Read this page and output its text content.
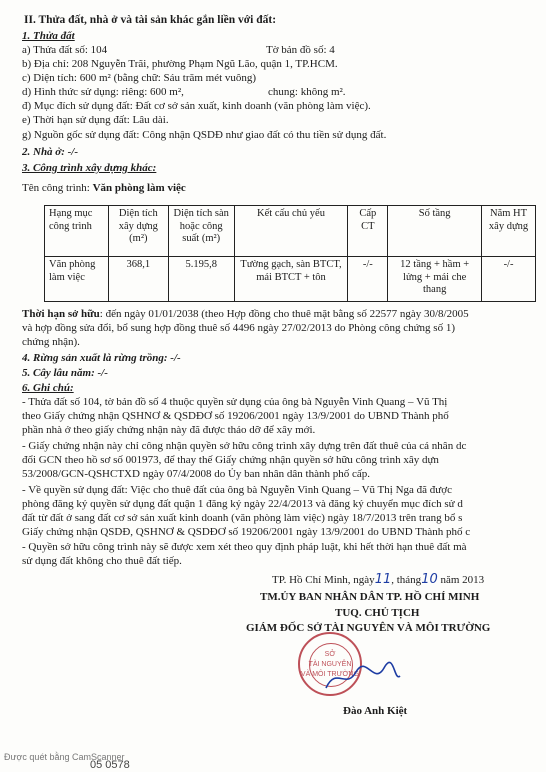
II. Thửa đất, nhà ở và tài sản khác gắn liền với đất:
1. Thửa đất
a) Thửa đất số: 104	Tờ bản đồ số: 4
b) Địa chỉ: 208 Nguyễn Trãi, phường Phạm Ngũ Lão, quận 1, TP.HCM.
c) Diện tích: 600 m² (bằng chữ: Sáu trăm mét vuông)
d) Hình thức sử dụng: riêng: 600 m²,	chung: không m².
đ) Mục đích sử dụng đất: Đất cơ sở sản xuất, kinh doanh (văn phòng làm việc).
e) Thời hạn sử dụng đất: Lâu dài.
g) Nguồn gốc sử dụng đất: Công nhận QSDĐ như giao đất có thu tiền sử dụng đất.
2. Nhà ở: -/-
3. Công trình xây dựng khác:
Tên công trình: Văn phòng làm việc
Hạng mục công trình	Diện tích xây dựng (m²)	Diện tích sàn hoặc công suất (m²)	Kết cấu chủ yếu	Cấp CT	Số tầng	Năm HT xây dựng
Văn phòng làm việc	368,1	5.195,8	Tường gạch, sàn BTCT, mái BTCT + tôn	-/-	12 tầng + hầm + lửng + mái che thang	-/-
Thời hạn sở hữu: đến ngày 01/01/2038 (theo Hợp đồng cho thuê mặt bằng số 22577 ngày 30/8/2005
và hợp đồng sửa đổi, bổ sung hợp đồng thuê số 4496 ngày 27/02/2013 do Phòng công chứng số 1)
chứng nhận).
4. Rừng sản xuất là rừng trồng: -/-
5. Cây lâu năm: -/-
6. Ghi chú:
- Thửa đất số 104, tờ bản đồ số 4 thuộc quyền sử dụng của ông bà Nguyễn Vinh Quang – Vũ Thị
theo Giấy chứng nhận QSHNƠ & QSDĐƠ số 19206/2001 ngày 13/9/2001 do UBND Thành phố
phần nhà ở theo giấy chứng nhận này đã được tháo dỡ để xây mới.
- Giấy chứng nhận này chỉ công nhận quyền sở hữu công trình xây dựng trên đất thuê của cá nhân dc
đổi GCN theo hồ sơ số 001973, để thay thế Giấy chứng nhận quyền sở hữu công trình xây dựn
53/2008/GCN-QSHCTXD ngày 07/4/2008 do Ủy ban nhân dân thành phố cấp.
- Về quyền sử dụng đất: Việc cho thuê đất của ông bà Nguyễn Vinh Quang – Vũ Thị Nga đã được
phòng đăng ký quyền sử dụng đất quận 1 đăng ký ngày 22/4/2013 và đăng ký chuyển mục đích sử d
đất từ đất ở sang đất cơ sở sản xuất kinh doanh (văn phòng làm việc) ngày 18/7/2013 trên trang bổ s
Giấy chứng nhận QSDĐ, QSHNƠ & QSDĐƠ số 19206/2001 ngày 13/9/2001 do UBND Thành phố c
- Quyền sở hữu công trình này sẽ được xem xét theo quy định pháp luật, khi hết thời hạn thuê đất mà
sử dụng đất không cho thuê đất tiếp.
TP. Hồ Chí Minh, ngày11, tháng10 năm 2013
TM.ỦY BAN NHÂN DÂN TP. HỒ CHÍ MINH
TUQ. CHỦ TỊCH
GIÁM ĐỐC SỞ TÀI NGUYÊN VÀ MÔI TRƯỜNG
SỞ
TÀI NGUYÊN
VÀ MÔI TRƯỜNG
Đào Anh Kiệt
Được quét bằng CamScanner
05 0578
